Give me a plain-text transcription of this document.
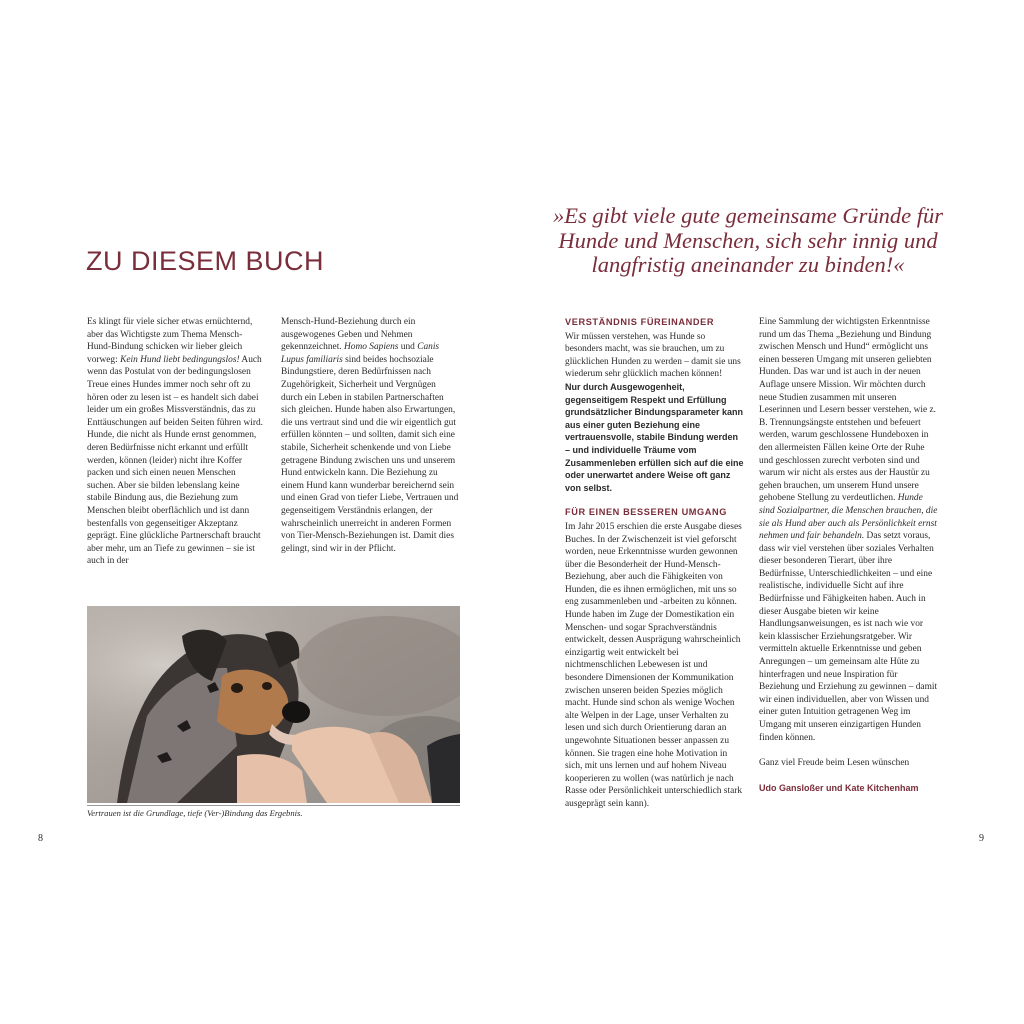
ZU DIESEM BUCH

Es klingt für viele sicher etwas ernüchternd, aber das Wichtigste zum Thema Mensch-Hund-Bindung schicken wir lieber gleich vorweg: Kein Hund liebt bedingungslos! Auch wenn das Postulat von der bedingungslosen Treue eines Hundes immer noch sehr oft zu hören oder zu lesen ist – es handelt sich dabei leider um ein großes Missverständnis, das zu Enttäuschungen auf beiden Seiten führen wird. Hunde, die nicht als Hunde ernst genommen, deren Bedürfnisse nicht erkannt und erfüllt werden, können (leider) nicht ihre Koffer packen und sich einen neuen Menschen suchen. Aber sie bilden lebenslang keine stabile Bindung aus, die Beziehung zum Menschen bleibt oberflächlich und ist dann bestenfalls von gegenseitiger Akzeptanz geprägt. Eine glückliche Partnerschaft braucht aber mehr, um an Tiefe zu gewinnen – sie ist auch in der

Mensch-Hund-Beziehung durch ein ausgewogenes Geben und Nehmen gekennzeichnet. Homo Sapiens und Canis Lupus familiaris sind beides hochsoziale Bindungstiere, deren Bedürfnissen nach Zugehörigkeit, Sicherheit und Vergnügen durch ein Leben in stabilen Partnerschaften sich gleichen. Hunde haben also Erwartungen, die uns vertraut sind und die wir eigentlich gut erfüllen könnten – und sollten, damit sich eine stabile, Sicherheit schenkende und von Liebe getragene Bindung zwischen uns und unserem Hund entwickeln kann. Die Beziehung zu einem Hund kann wunderbar bereichernd sein und einen Grad von tiefer Liebe, Vertrauen und gegenseitigem Verständnis erlangen, der wahrscheinlich unerreicht in anderen Formen von Tier-Mensch-Beziehungen ist. Damit dies gelingt, sind wir in der Pflicht.

Vertrauen ist die Grundlage, tiefe (Ver-)Bindung das Ergebnis.
8
»Es gibt viele gute gemeinsame Gründe für Hunde und Menschen, sich sehr innig und langfristig aneinander zu binden!«
VERSTÄNDNIS FÜREINANDER
Wir müssen verstehen, was Hunde so besonders macht, was sie brauchen, um zu glücklichen Hunden zu werden – damit sie uns wiederum sehr glücklich machen können!
Nur durch Ausgewogenheit, gegenseitigem Respekt und Erfüllung grundsätzlicher Bindungsparameter kann aus einer guten Beziehung eine vertrauensvolle, stabile Bindung werden – und individuelle Träume vom Zusammenleben erfüllen sich auf die eine oder unerwartet andere Weise oft ganz von selbst.
FÜR EINEN BESSEREN UMGANG
Im Jahr 2015 erschien die erste Ausgabe dieses Buches. In der Zwischenzeit ist viel geforscht worden, neue Erkenntnisse wurden gewonnen über die Besonderheit der Hund-Mensch-Beziehung, aber auch die Fähigkeiten von Hunden, die es ihnen ermöglichen, mit uns so eng zusammenleben und -arbeiten zu können. Hunde haben im Zuge der Domestikation ein Menschen- und sogar Sprachverständnis entwickelt, dessen Ausprägung wahrscheinlich einzigartig weit entwickelt bei nichtmenschlichen Lebewesen ist und besondere Dimensionen der Kommunikation zwischen unseren beiden Spezies möglich macht. Hunde sind schon als wenige Wochen alte Welpen in der Lage, unser Verhalten zu lesen und sich durch Orientierung daran an ungewohnte Situationen besser anpassen zu können. Sie tragen eine hohe Motivation in sich, mit uns lernen und auf hohem Niveau kooperieren zu wollen (was natürlich je nach Rasse oder Persönlichkeit unterschiedlich stark ausgeprägt sein kann).

Eine Sammlung der wichtigsten Erkenntnisse rund um das Thema „Beziehung und Bindung zwischen Mensch und Hund“ ermöglicht uns einen besseren Umgang mit unseren geliebten Hunden. Das war und ist auch in der neuen Auflage unsere Mission. Wir möchten durch neue Studien zusammen mit unseren Leserinnen und Lesern besser verstehen, wie z. B. Trennungsängste entstehen und befeuert werden, warum geschlossene Hundeboxen in den allermeisten Fällen keine Orte der Ruhe und geschlossen zurecht verboten sind und warum wir nicht als erstes aus der Haustür zu gehen brauchen, um unserem Hund unsere gehobene Stellung zu verdeutlichen. Hunde sind Sozialpartner, die Menschen brauchen, die sie als Hund aber auch als Persönlichkeit ernst nehmen und fair behandeln. Das setzt voraus, dass wir viel verstehen über soziales Verhalten dieser besonderen Tierart, über ihre Bedürfnisse, Unterschiedlichkeiten – und eine realistische, individuelle Sicht auf ihre Bedürfnisse und Fähigkeiten haben. Auch in dieser Ausgabe bieten wir keine Handlungsanweisungen, es ist nach wie vor kein klassischer Erziehungsratgeber. Wir vermitteln aktuelle Erkenntnisse und geben Anregungen – um gemeinsam alte Hüte zu hinterfragen und neue Inspiration für Beziehung und Erziehung zu gewinnen – damit wir einen individuellen, aber von Wissen und einer guten Intuition getragenen Weg im Umgang mit unseren einzigartigen Hunden finden können.

Ganz viel Freude beim Lesen wünschen

Udo Gansloßer und Kate Kitchenham
9
